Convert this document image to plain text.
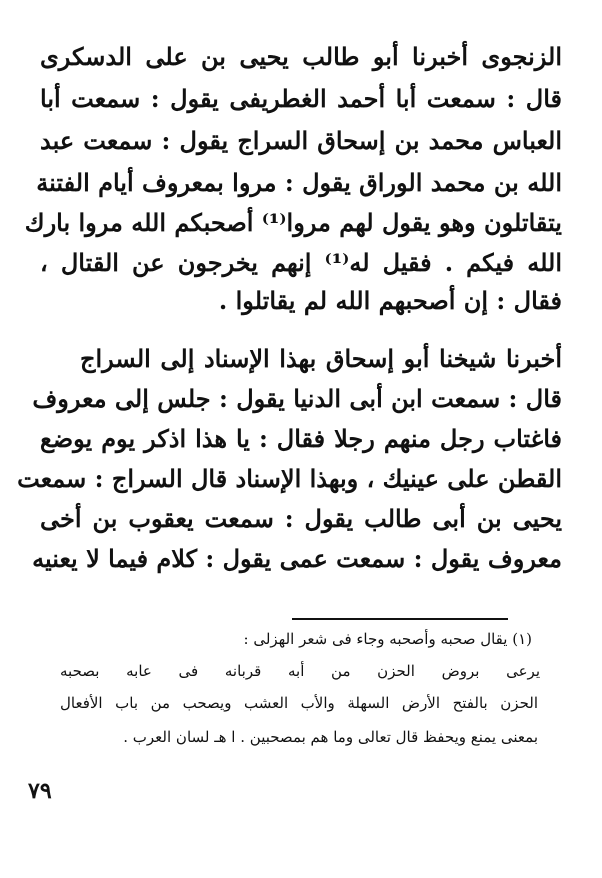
الزنجوى أخبرنا أبو طالب يحيى بن على الدسكرى
قال : سمعت أبا أحمد الغطريفى يقول : سمعت أبا
العباس محمد بن إسحاق السراج يقول : سمعت عبد
الله بن محمد الوراق يقول : مروا بمعروف أيام الفتنة
يتقاتلون وهو يقول لهم مروا⁽¹⁾ أصحبكم الله مروا بارك
الله فيكم . فقيل له⁽¹⁾ إنهم يخرجون عن القتال ،
فقال : إن أصحبهم الله لم يقاتلوا .
أخبرنا شيخنا أبو إسحاق بهذا الإسناد إلى السراج
قال : سمعت ابن أبى الدنيا يقول : جلس إلى معروف
فاغتاب رجل منهم رجلا فقال : يا هذا اذكر يوم يوضع
القطن على عينيك ، وبهذا الإسناد قال السراج : سمعت
يحيى بن أبى طالب يقول : سمعت يعقوب بن أخى
معروف يقول : سمعت عمى يقول : كلام فيما لا يعنيه
(١) يقال صحبه وأصحبه وجاء فى شعر الهزلى :
يرعى بروض الحزن من أبه قربانه فى عابه بصحبه
الحزن بالفتح الأرض السهلة والأب العشب ويصحب من باب الأفعال
بمعنى يمنع ويحفظ قال تعالى وما هم بمصحبين . ا هـ لسان العرب .
٧٩
